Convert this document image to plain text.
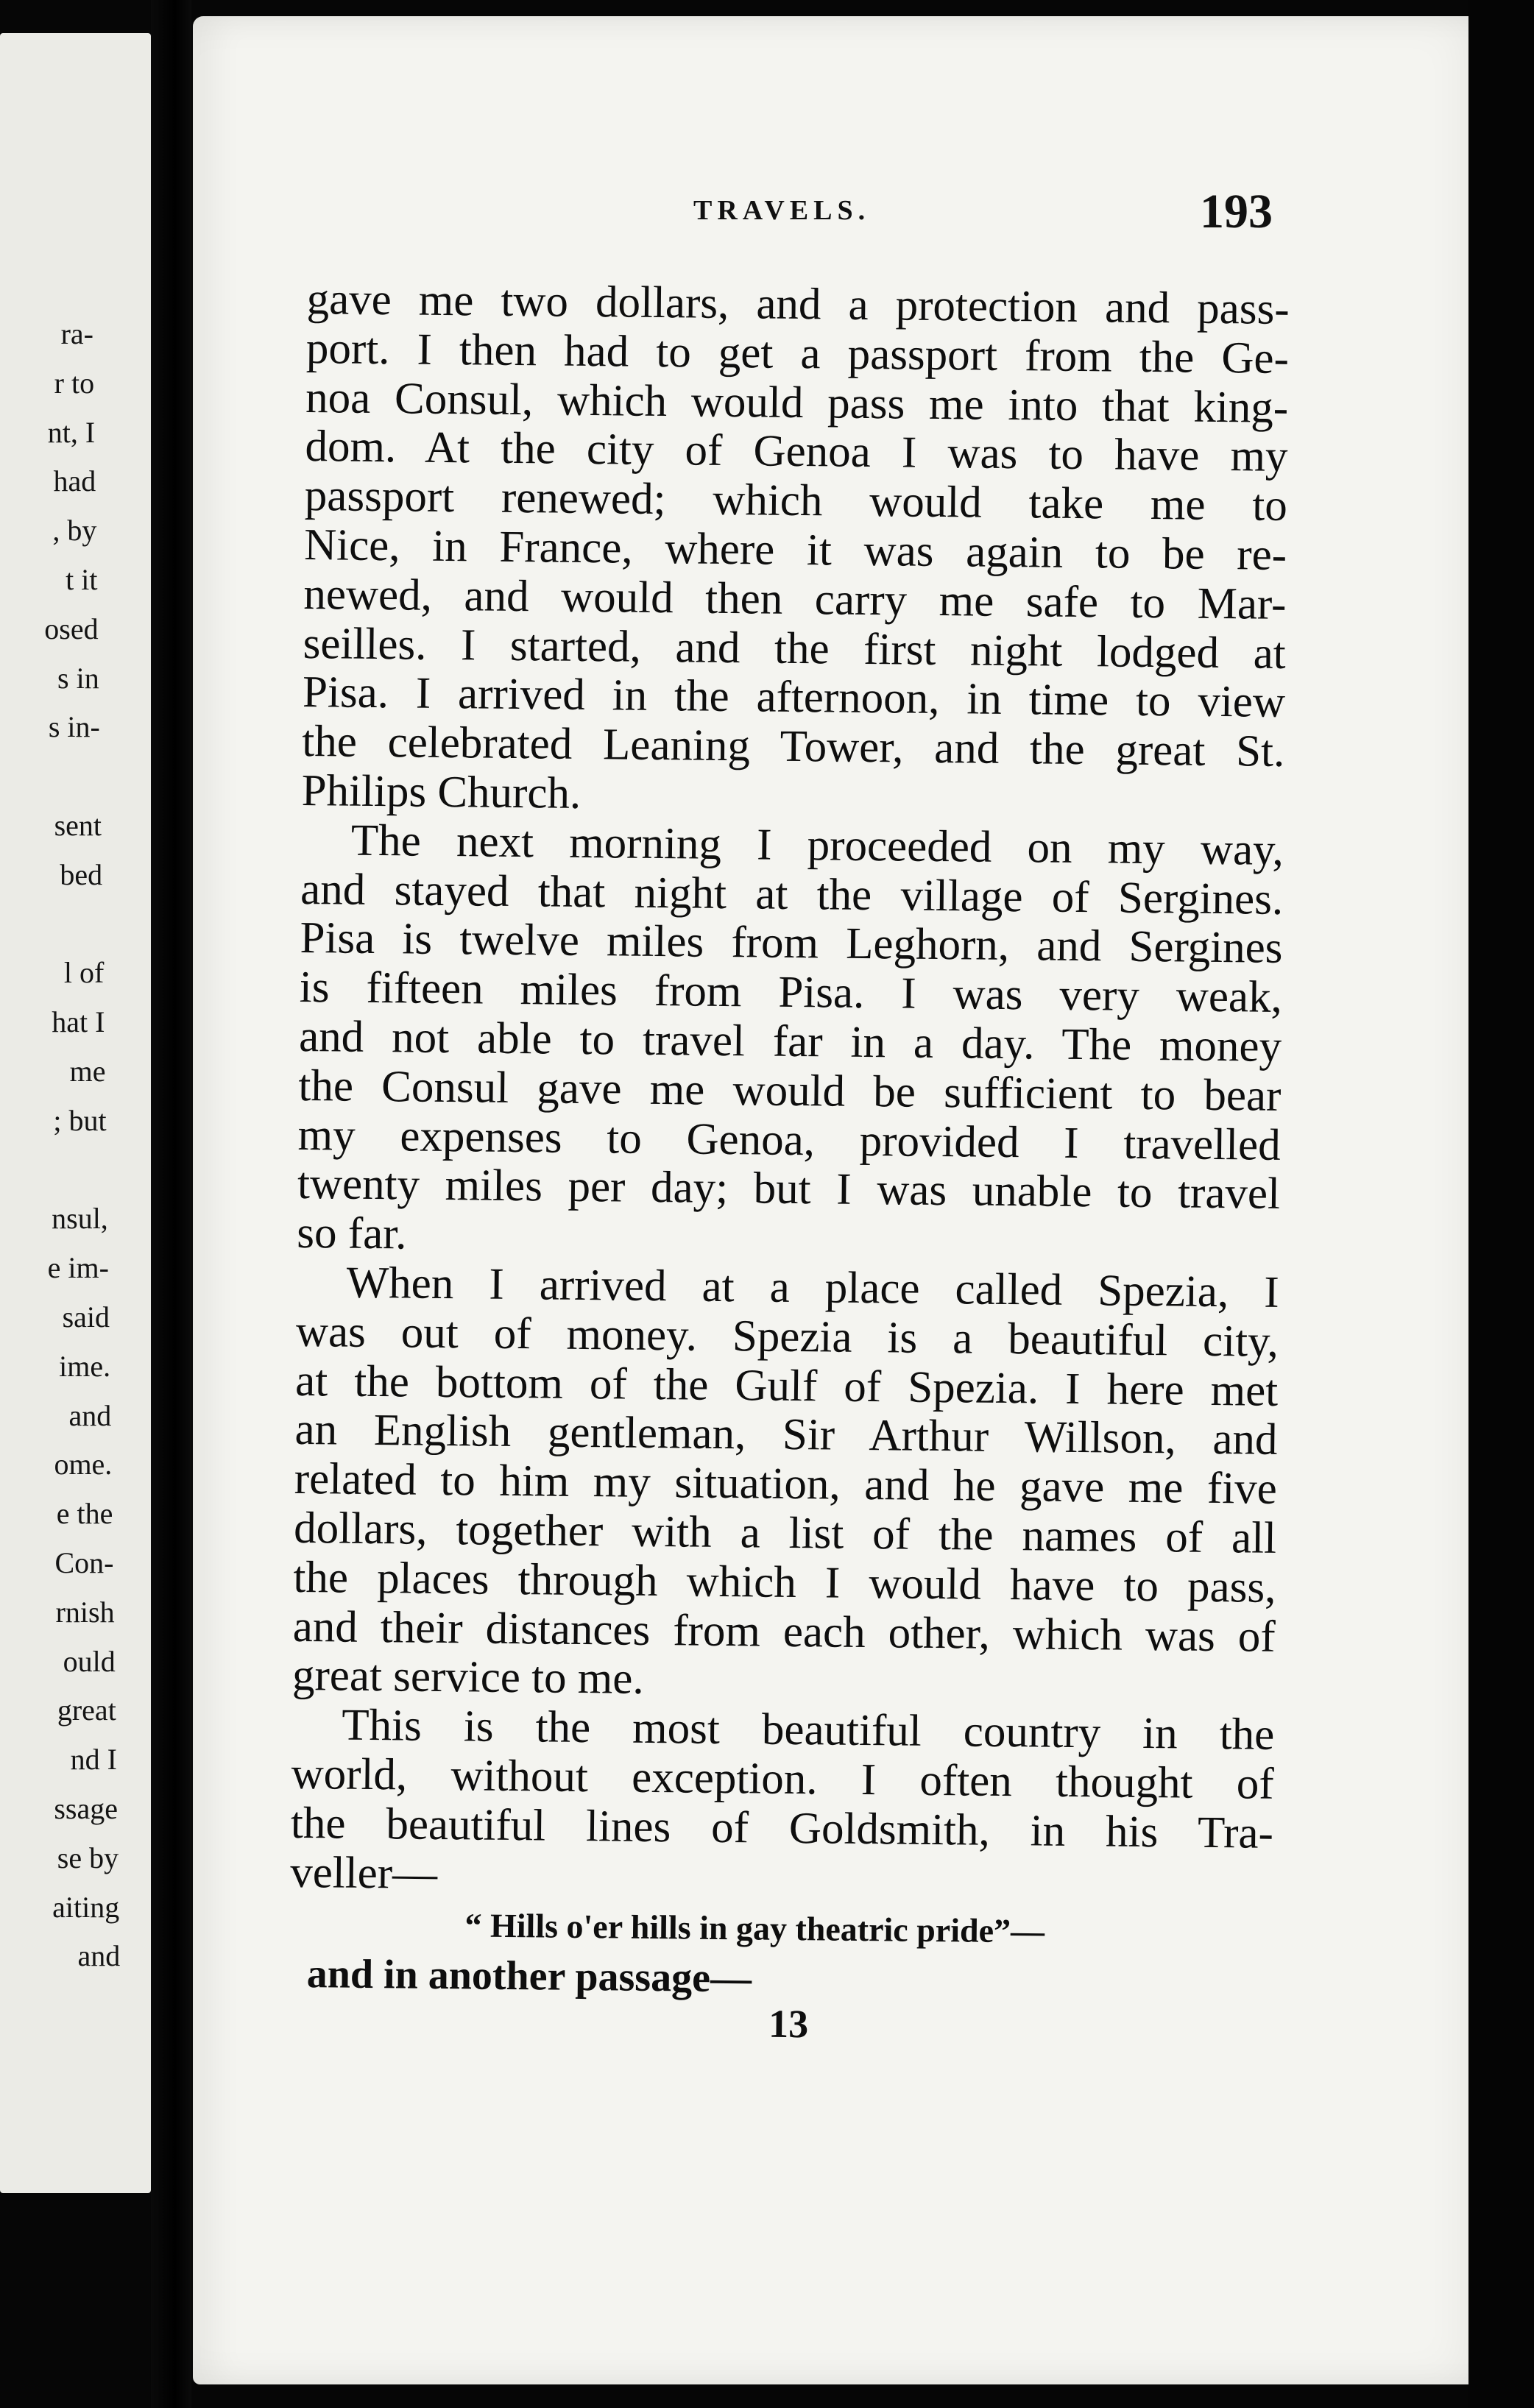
ra-
r to
nt, I
had
, by
t it
osed
s in
s in-
sent
bed
l of
hat I
me
; but
nsul,
e im-
said
ime.
and
ome.
e the
Con-
rnish
ould
great
nd I
ssage
se by
aiting
and
TRAVELS.	193
gave me two dollars, and a protection and pass-
port. I then had to get a passport from the Ge-
noa Consul, which would pass me into that king-
dom. At the city of Genoa I was to have my
passport renewed; which would take me to
Nice, in France, where it was again to be re-
newed, and would then carry me safe to Mar-
seilles. I started, and the first night lodged at
Pisa. I arrived in the afternoon, in time to view
the celebrated Leaning Tower, and the great St.
Philips Church.
The next morning I proceeded on my way,
and stayed that night at the village of Sergines.
Pisa is twelve miles from Leghorn, and Sergines
is fifteen miles from Pisa. I was very weak,
and not able to travel far in a day. The money
the Consul gave me would be sufficient to bear
my expenses to Genoa, provided I travelled
twenty miles per day; but I was unable to travel
so far.
When I arrived at a place called Spezia, I
was out of money. Spezia is a beautiful city,
at the bottom of the Gulf of Spezia. I here met
an English gentleman, Sir Arthur Willson, and
related to him my situation, and he gave me five
dollars, together with a list of the names of all
the places through which I would have to pass,
and their distances from each other, which was of
great service to me.
This is the most beautiful country in the
world, without exception. I often thought of
the beautiful lines of Goldsmith, in his Tra-
veller—
“ Hills o'er hills in gay theatric pride”—
and in another passage—
13
